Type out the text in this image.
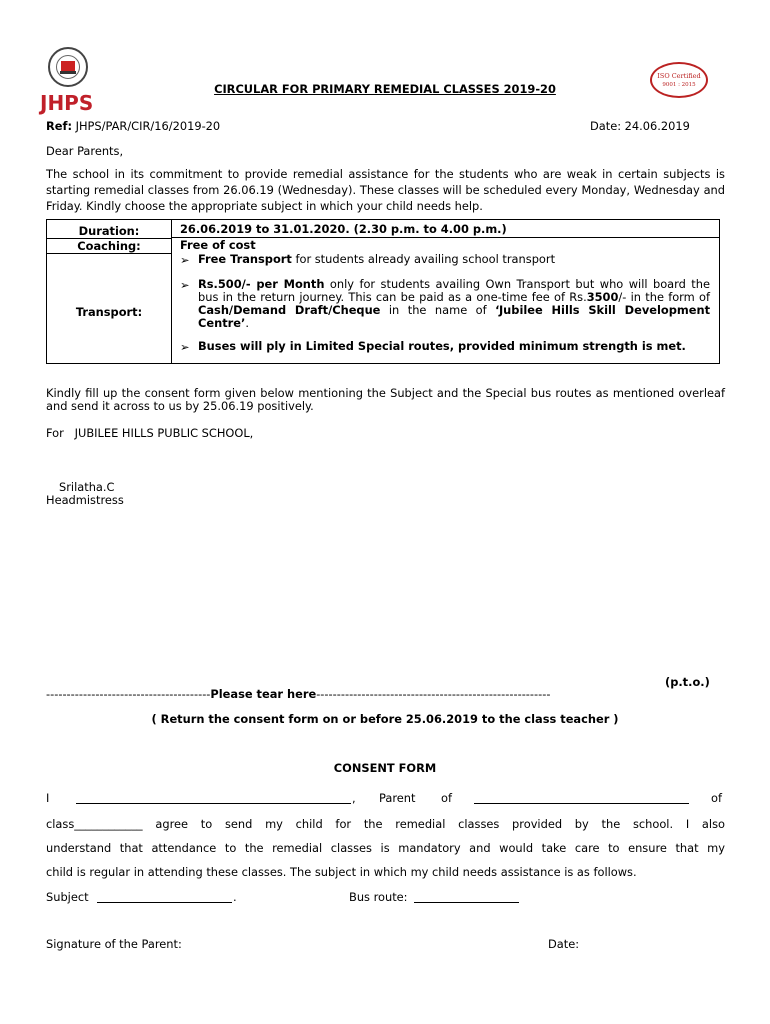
JHPS
ISO Certified
9001 : 2015
CIRCULAR FOR PRIMARY REMEDIAL CLASSES 2019-20
Ref: JHPS/PAR/CIR/16/2019-20	Date: 24.06.2019
Dear Parents,
The school in its commitment to provide remedial assistance for the students who are weak in certain subjects is starting remedial classes from 26.06.19 (Wednesday). These classes will be scheduled every Monday, Wednesday and Friday. Kindly choose the appropriate subject in which your child needs help.
Duration:	26.06.2019 to 31.01.2020. (2.30 p.m. to 4.00 p.m.)
Coaching:	Free of cost
Transport:
➢ Free Transport for students already availing school transport
➢ Rs.500/- per Month only for students availing Own Transport but who will board the bus in the return journey. This can be paid as a one-time fee of Rs.3500/- in the form of Cash/Demand Draft/Cheque in the name of ‘Jubilee Hills Skill Development Centre’.
➢ Buses will ply in Limited Special routes, provided minimum strength is met.
Kindly fill up the consent form given below mentioning the Subject and the Special bus routes as mentioned overleaf and send it across to us by 25.06.19 positively.
For   JUBILEE HILLS PUBLIC SCHOOL,
Srilatha.C
Headmistress
(p.t.o.)
----------------------------------------Please tear here---------------------------------------------------------
( Return the consent form on or before 25.06.2019 to the class teacher )
CONSENT FORM
I	, Parent of	of
class____________ agree to send my child for the remedial classes provided by the school. I also
understand that attendance to the remedial classes is mandatory and would take care to ensure that my
child is regular in attending these classes. The subject in which my child needs assistance is as follows.
Subject	.	Bus route:
Signature of the Parent:	Date:
